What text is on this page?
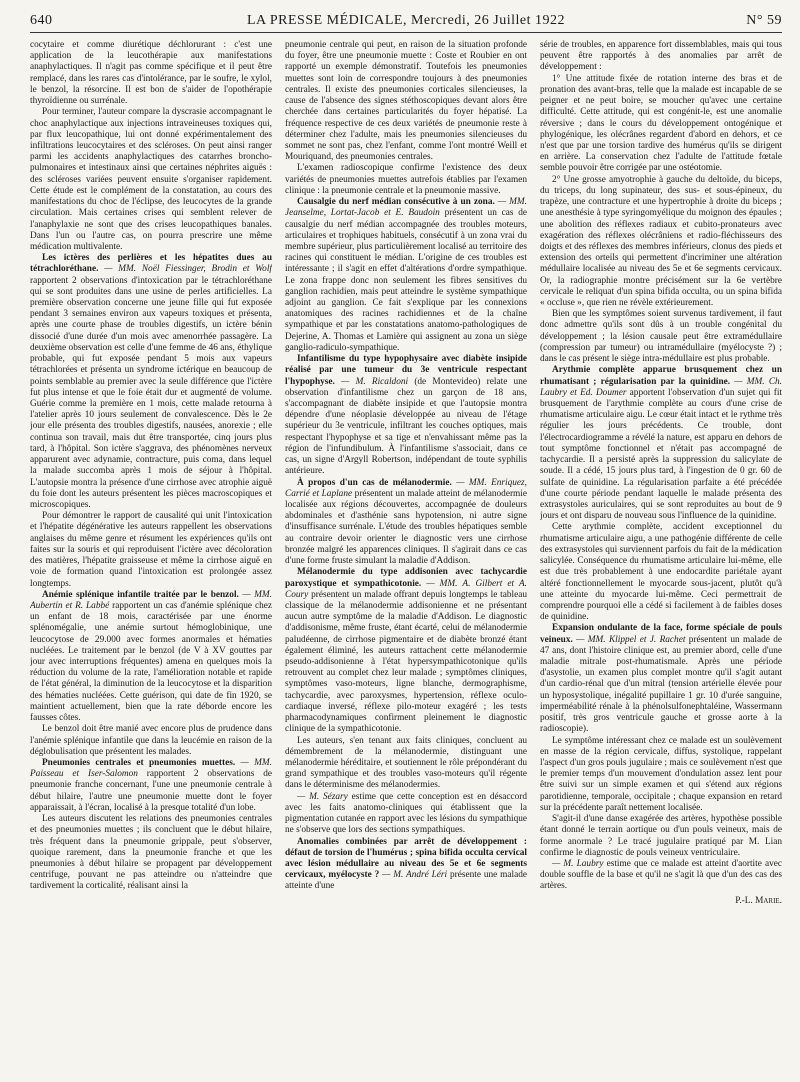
640	LA PRESSE MÉDICALE, Mercredi, 26 Juillet 1922	N° 59

cocytaire et comme diurétique déchlorurant : c'est une application de la leucothérapie aux manifestations anaphylactiques. Il n'agit pas comme spécifique et il peut être remplacé, dans les rares cas d'intolérance, par le soufre, le xylol, le benzol, la résorcine. Il est bon de s'aider de l'opothérapie thyroïdienne ou surrénale.

Pour terminer, l'auteur compare la dyscrasie accompagnant le choc anaphylactique aux injections intraveineuses toxiques qui, par flux leucopathique, lui ont donné expérimentalement des infiltrations leucocytaires et des scléroses. On peut ainsi ranger parmi les accidents anaphylactiques des catarrhes broncho-pulmonaires et intestinaux ainsi que certaines néphrites aiguës : des scléroses variées peuvent ensuite s'organiser rapidement. Cette étude est le complément de la constatation, au cours des manifestations du choc de l'éclipse, des leucocytes de la grande circulation. Mais certaines crises qui semblent relever de l'anaphylaxie ne sont que des crises leucopathiques banales. Dans l'un ou l'autre cas, on pourra prescrire une même médication multivalente.

Les ictères des perlières et les hépatites dues au tétrachloréthane. — MM. Noël Fiessinger, Brodin et Wolf rapportent 2 observations d'intoxication par le tétrachloréthane qui se sont produites dans une usine de perles artificielles. La première observation concerne une jeune fille qui fut exposée pendant 3 semaines environ aux vapeurs toxiques et présenta, après une courte phase de troubles digestifs, un ictère bénin dissocié d'une durée d'un mois avec amenorrhée passagère. La deuxième observation est celle d'une femme de 46 ans, éthylique probable, qui fut exposée pendant 5 mois aux vapeurs tétrachlorées et présenta un syndrome ictérique en beaucoup de points semblable au premier avec la seule différence que l'ictère fut plus intense et que le foie était dur et augmenté de volume. Guérie comme la première en 1 mois, cette malade retourna à l'atelier après 10 jours seulement de convalescence. Dès le 2e jour elle présenta des troubles digestifs, nausées, anorexie ; elle continua son travail, mais dut être transportée, cinq jours plus tard, à l'hôpital. Son ictère s'aggrava, des phénomènes nerveux apparurent avec adynamie, contracture, puis coma, dans lequel la malade succomba après 1 mois de séjour à l'hôpital. L'autopsie montra la présence d'une cirrhose avec atrophie aiguë du foie dont les auteurs présentent les pièces macroscopiques et microscopiques.

Pour démontrer le rapport de causalité qui unit l'intoxication et l'hépatite dégénérative les auteurs rappellent les observations anglaises du même genre et résument les expériences qu'ils ont faites sur la souris et qui reproduisent l'ictère avec décoloration des matières, l'hépatite graisseuse et même la cirrhose aiguë en voie de formation quand l'intoxication est prolongée assez longtemps.

Anémie splénique infantile traitée par le benzol. — MM. Aubertin et R. Labbé rapportent un cas d'anémie splénique chez un enfant de 18 mois, caractérisée par une énorme splénomégalie, une anémie surtout hémoglobinique, une leucocytose de 29.000 avec formes anormales et hématies nucléées. Le traitement par le benzol (de V à XV gouttes par jour avec interruptions fréquentes) amena en quelques mois la réduction du volume de la rate, l'amélioration notable et rapide de l'état général, la diminution de la leucocytose et la disparition des hématies nucléées. Cette guérison, qui date de fin 1920, se maintient actuellement, bien que la rate déborde encore les fausses côtes.

Le benzol doit être manié avec encore plus de prudence dans l'anémie splénique infantile que dans la leucémie en raison de la déglobulisation que présentent les malades.

Pneumonies centrales et pneumonies muettes. — MM. Paisseau et Iser-Salomon rapportent 2 observations de pneumonie franche concernant, l'une une pneumonie centrale à début hilaire, l'autre une pneumonie muette dont le foyer apparaissait, à l'écran, localisé à la presque totalité d'un lobe.

Les auteurs discutent les relations des pneumonies centrales et des pneumonies muettes ; ils concluent que le début hilaire, très fréquent dans la pneumonie grippale, peut s'observer, quoique rarement, dans la pneumonie franche et que les pneumonies à début hilaire se propagent par développement centrifuge, pouvant ne pas atteindre ou n'atteindre que tardivement la corticalité, réalisant ainsi la

pneumonie centrale qui peut, en raison de la situation profonde du foyer, être une pneumonie muette : Coste et Roubier en ont rapporté un exemple démonstratif. Toutefois les pneumonies muettes sont loin de correspondre toujours à des pneumonies centrales. Il existe des pneumonies corticales silencieuses, la cause de l'absence des signes stéthoscopiques devant alors être cherchée dans certaines particularités du foyer hépatisé. La fréquence respective de ces deux variétés de pneumonie reste à déterminer chez l'adulte, mais les pneumonies silencieuses du sommet ne sont pas, chez l'enfant, comme l'ont montré Weill et Mouriquand, des pneumonies centrales.

L'examen radioscopique confirme l'existence des deux variétés de pneumonies muettes autrefois établies par l'examen clinique : la pneumonie centrale et la pneumonie massive.

Causalgie du nerf médian consécutive à un zona. — MM. Jeanselme, Lortat-Jacob et E. Baudoin présentent un cas de causalgie du nerf médian accompagnée des troubles moteurs, articulaires et trophiques habituels, consécutif à un zona vrai du membre supérieur, plus particulièrement localisé au territoire des racines qui constituent le médian. L'origine de ces troubles est intéressante ; il s'agit en effet d'altérations d'ordre sympathique. Le zona frappe donc non seulement les fibres sensitives du ganglion rachidien, mais peut atteindre le système sympathique adjoint au ganglion. Ce fait s'explique par les connexions anatomiques des racines rachidiennes et de la chaîne sympathique et par les constatations anatomo-pathologiques de Dejerine, A. Thomas et Lamière qui assignent au zona un siège ganglio-radiculo-sympathique.

Infantilisme du type hypophysaire avec diabète insipide réalisé par une tumeur du 3e ventricule respectant l'hypophyse. — M. Ricaldoni (de Montevideo) relate une observation d'infantilisme chez un garçon de 18 ans, s'accompagnant de diabète insipide et que l'autopsie montra dépendre d'une néoplasie développée au niveau de l'étage supérieur du 3e ventricule, infiltrant les couches optiques, mais respectant l'hypophyse et sa tige et n'envahissant même pas la région de l'infundibulum. À l'infantilisme s'associait, dans ce cas, un signe d'Argyll Robertson, indépendant de toute syphilis antérieure.

À propos d'un cas de mélanodermie. — MM. Enriquez, Carrié et Laplane présentent un malade atteint de mélanodermie localisée aux régions découvertes, accompagnée de douleurs abdominales et d'asthénie sans hypotension, ni autre signe d'insuffisance surrénale. L'étude des troubles hépatiques semble au contraire devoir orienter le diagnostic vers une cirrhose bronzée malgré les apparences cliniques. Il s'agirait dans ce cas d'une forme fruste simulant la maladie d'Addison.

Mélanodermie du type addisonien avec tachycardie paroxystique et sympathicotonie. — MM. A. Gilbert et A. Coury présentent un malade offrant depuis longtemps le tableau classique de la mélanodermie addisonienne et ne présentant aucun autre symptôme de la maladie d'Addison. Le diagnostic d'addisonisme, même fruste, étant écarté, celui de mélanodermie paludéenne, de cirrhose pigmentaire et de diabète bronzé étant également éliminé, les auteurs rattachent cette mélanodermie pseudo-addisonienne à l'état hypersympathicotonique qu'ils retrouvent au complet chez leur malade ; symptômes cliniques, symptômes vaso-moteurs, ligne blanche, dermographisme, tachycardie, avec paroxysmes, hypertension, réflexe oculo-cardiaque inversé, réflexe pilo-moteur exagéré ; les tests pharmacodynamiques confirment pleinement le diagnostic clinique de la sympathicotonie.

Les auteurs, s'en tenant aux faits cliniques, concluent au démembrement de la mélanodermie, distinguant une mélanodermie héréditaire, et soutiennent le rôle prépondérant du grand sympathique et des troubles vaso-moteurs qu'il régente dans le déterminisme des mélanodermies.

— M. Sézary estime que cette conception est en désaccord avec les faits anatomo-cliniques qui établissent que la pigmentation cutanée en rapport avec les lésions du sympathique ne s'observe que lors des sections sympathiques.

Anomalies combinées par arrêt de développement : défaut de torsion de l'humérus ; spina bifida occulta cervical avec lésion médullaire au niveau des 5e et 6e segments cervicaux, myélocyste ? — M. André Léri présente une malade atteinte d'une

série de troubles, en apparence fort dissemblables, mais qui tous peuvent être rapportés à des anomalies par arrêt de développement :

1° Une attitude fixée de rotation interne des bras et de pronation des avant-bras, telle que la malade est incapable de se peigner et ne peut boire, se moucher qu'avec une certaine difficulté. Cette attitude, qui est congénit-le, est une anomalie réversive ; dans le cours du développement ontogénique et phylogénique, les olécrânes regardent d'abord en dehors, et ce n'est que par une torsion tardive des humérus qu'ils se dirigent en arrière. La conservation chez l'adulte de l'attitude fœtale semble pouvoir être corrigée par une ostéotomie.

2° Une grosse amyotrophie à gauche du deltoïde, du biceps, du triceps, du long supinateur, des sus- et sous-épineux, du trapèze, une contracture et une hypertrophie à droite du biceps ; une anesthésie à type syringomyélique du moignon des épaules ; une abolition des réflexes radiaux et cubito-pronateurs avec exagération des réflexes olécrâniens et radio-fléchisseurs des doigts et des réflexes des membres inférieurs, clonus des pieds et extension des orteils qui permettent d'incriminer une altération médullaire localisée au niveau des 5e et 6e segments cervicaux. Or, la radiographie montre précisément sur la 6e vertèbre cervicale le reliquat d'un spina bifida occulta, ou un spina bifida « occluse », que rien ne révèle extérieurement.

Bien que les symptômes soient survenus tardivement, il faut donc admettre qu'ils sont dûs à un trouble congénital du développement ; la lésion causale peut être extramédullaire (compression par tumeur) ou intramédullaire (myélocyste ?) ; dans le cas présent le siège intra-médullaire est plus probable.

Arythmie complète apparue brusquement chez un rhumatisant ; régularisation par la quinidine. — MM. Ch. Laubry et Ed. Doumer apportent l'observation d'un sujet qui fit brusquement de l'arythmie complète au cours d'une crise de rhumatisme articulaire aigu. Le cœur était intact et le rythme très régulier les jours précédents. Ce trouble, dont l'électrocardiogramme a révélé la nature, est apparu en dehors de tout symptôme fonctionnel et n'était pas accompagné de tachycardie. Il a persisté après la suppression du salicylate de soude. Il a cédé, 15 jours plus tard, à l'ingestion de 0 gr. 60 de sulfate de quinidine. La régularisation parfaite a été précédée d'une courte période pendant laquelle le malade présenta des extrasystoles auriculaires, qui se sont reproduites au bout de 9 jours et ont disparu de nouveau sous l'influence de la quinidine.

Cette arythmie complète, accident exceptionnel du rhumatisme articulaire aigu, a une pathogénie différente de celle des extrasystoles qui surviennent parfois du fait de la médication salicylée. Conséquence du rhumatisme articulaire lui-même, elle est due très probablement à une endocardite pariétale ayant altéré fonctionnellement le myocarde sous-jacent, plutôt qu'à une atteinte du myocarde lui-même. Ceci permettrait de comprendre pourquoi elle a cédé si facilement à de faibles doses de quinidine.

Expansion ondulante de la face, forme spéciale de pouls veineux. — MM. Klippel et J. Rachet présentent un malade de 47 ans, dont l'histoire clinique est, au premier abord, celle d'une maladie mitrale post-rhumatismale. Après une période d'asystolie, un examen plus complet montre qu'il s'agit autant d'un cardio-rénal que d'un mitral (tension artérielle élevée pour un hyposystolique, inégalité pupillaire 1 gr. 10 d'urée sanguine, imperméabilité rénale à la phénolsulfonephtaléine, Wassermann positif, très gros ventricule gauche et grosse aorte à la radioscopie).

Le symptôme intéressant chez ce malade est un soulèvement en masse de la région cervicale, diffus, systolique, rappelant l'aspect d'un gros pouls jugulaire ; mais ce soulèvement n'est que le premier temps d'un mouvement d'ondulation assez lent pour être suivi sur un simple examen et qui s'étend aux régions parotidienne, temporale, occipitale ; chaque expansion en retard sur la précédente paraît nettement localisée.

S'agit-il d'une danse exagérée des artères, hypothèse possible étant donné le terrain aortique ou d'un pouls veineux, mais de forme anormale ? Le tracé jugulaire pratiqué par M. Lian confirme le diagnostic de pouls veineux ventriculaire.

— M. Laubry estime que ce malade est atteint d'aortite avec double souffle de la base et qu'il ne s'agit là que d'un des cas des artères.

P.-L. Marie.
